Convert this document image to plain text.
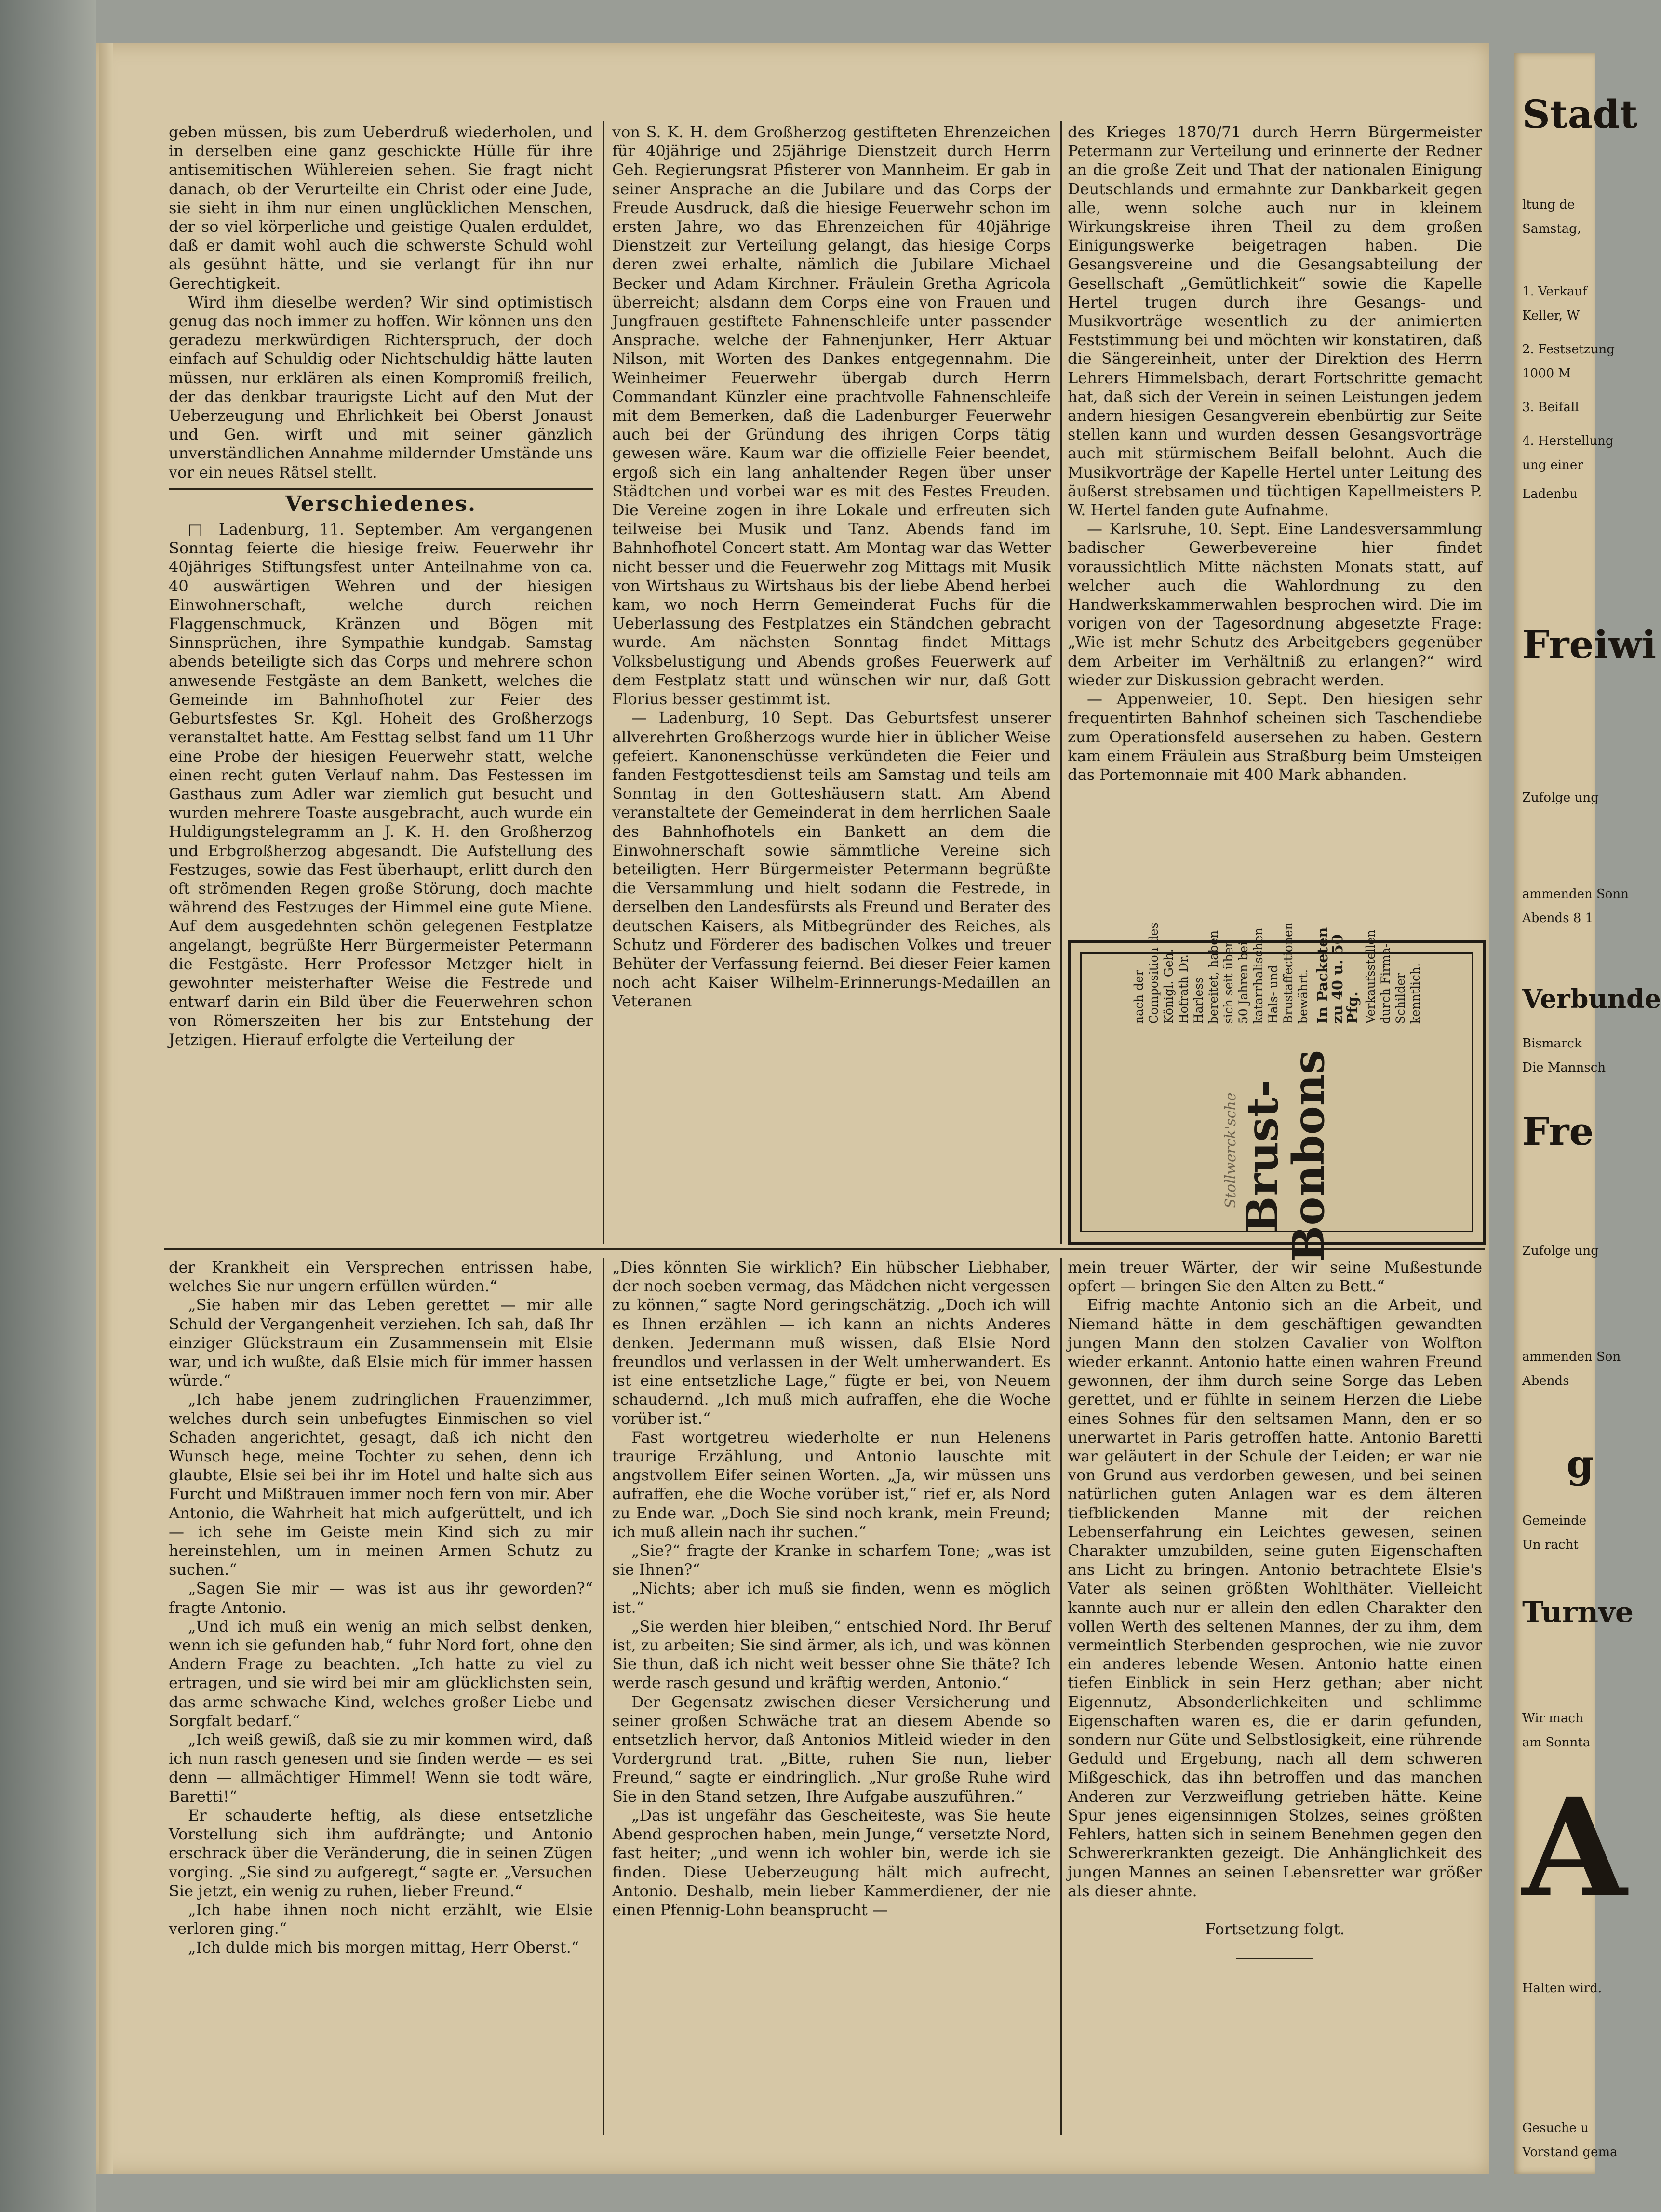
Stadt
ltung de
Samstag,
1. Verkauf
Keller, W
2. Festsetzung
1000 M
3. Beifall
4. Herstellung
ung einer
Ladenbu
Freiwi
Zufolge ung
ammenden Sonn
Abends 8 1
Verbunde
Bismarck
Die Mannsch
Fre
Zufolge ung
ammenden Son
Abends
g
Gemeinde
Un racht
Turnve
Wir mach
am Sonnta
A
Halten wird.
Gesuche u
Vorstand gema

geben müssen, bis zum Ueberdruß wiederholen, und in derselben eine ganz geschickte Hülle für ihre antisemitischen Wühlereien sehen. Sie fragt nicht danach, ob der Verurteilte ein Christ oder eine Jude, sie sieht in ihm nur einen unglücklichen Menschen, der so viel körperliche und geistige Qualen erduldet, daß er damit wohl auch die schwerste Schuld wohl als gesühnt hätte, und sie verlangt für ihn nur Gerechtigkeit.

Wird ihm dieselbe werden? Wir sind optimistisch genug das noch immer zu hoffen. Wir können uns den geradezu merkwürdigen Richterspruch, der doch einfach auf Schuldig oder Nichtschuldig hätte lauten müssen, nur erklären als einen Kompromiß freilich, der das denkbar traurigste Licht auf den Mut der Ueberzeugung und Ehrlichkeit bei Oberst Jonaust und Gen. wirft und mit seiner gänzlich unverständlichen Annahme mildernder Umstände uns vor ein neues Rätsel stellt.

Verschiedenes.

□ Ladenburg, 11. September. Am vergangenen Sonntag feierte die hiesige freiw. Feuerwehr ihr 40jähriges Stiftungsfest unter Anteilnahme von ca. 40 auswärtigen Wehren und der hiesigen Einwohnerschaft, welche durch reichen Flaggenschmuck, Kränzen und Bögen mit Sinnsprüchen, ihre Sympathie kundgab. Samstag abends beteiligte sich das Corps und mehrere schon anwesende Festgäste an dem Bankett, welches die Gemeinde im Bahnhofhotel zur Feier des Geburtsfestes Sr. Kgl. Hoheit des Großherzogs veranstaltet hatte. Am Festtag selbst fand um 11 Uhr eine Probe der hiesigen Feuerwehr statt, welche einen recht guten Verlauf nahm. Das Festessen im Gasthaus zum Adler war ziemlich gut besucht und wurden mehrere Toaste ausgebracht, auch wurde ein Huldigungstelegramm an J. K. H. den Großherzog und Erbgroßherzog abgesandt. Die Aufstellung des Festzuges, sowie das Fest überhaupt, erlitt durch den oft strömenden Regen große Störung, doch machte während des Festzuges der Himmel eine gute Miene. Auf dem ausgedehnten schön gelegenen Festplatze angelangt, begrüßte Herr Bürgermeister Petermann die Festgäste. Herr Professor Metzger hielt in gewohnter meisterhafter Weise die Festrede und entwarf darin ein Bild über die Feuerwehren schon von Römerszeiten her bis zur Entstehung der Jetzigen. Hierauf erfolgte die Verteilung der

von S. K. H. dem Großherzog gestifteten Ehrenzeichen für 40jährige und 25jährige Dienstzeit durch Herrn Geh. Regierungsrat Pfisterer von Mannheim. Er gab in seiner Ansprache an die Jubilare und das Corps der Freude Ausdruck, daß die hiesige Feuerwehr schon im ersten Jahre, wo das Ehrenzeichen für 40jährige Dienstzeit zur Verteilung gelangt, das hiesige Corps deren zwei erhalte, nämlich die Jubilare Michael Becker und Adam Kirchner. Fräulein Gretha Agricola überreicht; alsdann dem Corps eine von Frauen und Jungfrauen gestiftete Fahnenschleife unter passender Ansprache. welche der Fahnenjunker, Herr Aktuar Nilson, mit Worten des Dankes entgegennahm. Die Weinheimer Feuerwehr übergab durch Herrn Commandant Künzler eine prachtvolle Fahnenschleife mit dem Bemerken, daß die Ladenburger Feuerwehr auch bei der Gründung des ihrigen Corps tätig gewesen wäre. Kaum war die offizielle Feier beendet, ergoß sich ein lang anhaltender Regen über unser Städtchen und vorbei war es mit des Festes Freuden. Die Vereine zogen in ihre Lokale und erfreuten sich teilweise bei Musik und Tanz. Abends fand im Bahnhofhotel Concert statt. Am Montag war das Wetter nicht besser und die Feuerwehr zog Mittags mit Musik von Wirtshaus zu Wirtshaus bis der liebe Abend herbei kam, wo noch Herrn Gemeinderat Fuchs für die Ueberlassung des Festplatzes ein Ständchen gebracht wurde. Am nächsten Sonntag findet Mittags Volksbelustigung und Abends großes Feuerwerk auf dem Festplatz statt und wünschen wir nur, daß Gott Florius besser gestimmt ist.

— Ladenburg, 10 Sept. Das Geburtsfest unserer allverehrten Großherzogs wurde hier in üblicher Weise gefeiert. Kanonenschüsse verkündeten die Feier und fanden Festgottesdienst teils am Samstag und teils am Sonntag in den Gotteshäusern statt. Am Abend veranstaltete der Gemeinderat in dem herrlichen Saale des Bahnhofhotels ein Bankett an dem die Einwohnerschaft sowie sämmtliche Vereine sich beteiligten. Herr Bürgermeister Petermann begrüßte die Versammlung und hielt sodann die Festrede, in derselben den Landesfürsts als Freund und Berater des deutschen Kaisers, als Mitbegründer des Reiches, als Schutz und Förderer des badischen Volkes und treuer Behüter der Verfassung feiernd. Bei dieser Feier kamen noch acht Kaiser Wilhelm-Erinnerungs-Medaillen an Veteranen

des Krieges 1870/71 durch Herrn Bürgermeister Petermann zur Verteilung und erinnerte der Redner an die große Zeit und That der nationalen Einigung Deutschlands und ermahnte zur Dankbarkeit gegen alle, wenn solche auch nur in kleinem Wirkungskreise ihren Theil zu dem großen Einigungswerke beigetragen haben. Die Gesangsvereine und die Gesangsabteilung der Gesellschaft „Gemütlichkeit“ sowie die Kapelle Hertel trugen durch ihre Gesangs- und Musikvorträge wesentlich zu der animierten Feststimmung bei und möchten wir konstatiren, daß die Sängereinheit, unter der Direktion des Herrn Lehrers Himmelsbach, derart Fortschritte gemacht hat, daß sich der Verein in seinen Leistungen jedem andern hiesigen Gesangverein ebenbürtig zur Seite stellen kann und wurden dessen Gesangsvorträge auch mit stürmischem Beifall belohnt. Auch die Musikvorträge der Kapelle Hertel unter Leitung des äußerst strebsamen und tüchtigen Kapellmeisters P. W. Hertel fanden gute Aufnahme.

— Karlsruhe, 10. Sept. Eine Landesversammlung badischer Gewerbevereine hier findet voraussichtlich Mitte nächsten Monats statt, auf welcher auch die Wahlordnung zu den Handwerkskammerwahlen besprochen wird. Die im vorigen von der Tagesordnung abgesetzte Frage: „Wie ist mehr Schutz des Arbeitgebers gegenüber dem Arbeiter im Verhältniß zu erlangen?“ wird wieder zur Diskussion gebracht werden.

— Appenweier, 10. Sept. Den hiesigen sehr frequentirten Bahnhof scheinen sich Taschendiebe zum Operationsfeld ausersehen zu haben. Gestern kam einem Fräulein aus Straßburg beim Umsteigen das Portemonnaie mit 400 Mark abhanden.

Stollwerck'sche
Brust-
Bonbons
nach der Composition des Königl. Geh. Hofrath Dr. Harless bereitet, haben sich seit über 50 Jahren bei katarrhalischen Hals- und Brustaffectionen bewährt. In Packeten zu 40 u. 50 Pfg. Verkaufsstellen durch Firma-Schilder kenntlich.

der Krankheit ein Versprechen entrissen habe, welches Sie nur ungern erfüllen würden.“

„Sie haben mir das Leben gerettet — mir alle Schuld der Vergangenheit verziehen. Ich sah, daß Ihr einziger Glückstraum ein Zusammensein mit Elsie war, und ich wußte, daß Elsie mich für immer hassen würde.“

„Ich habe jenem zudringlichen Frauenzimmer, welches durch sein unbefugtes Einmischen so viel Schaden angerichtet, gesagt, daß ich nicht den Wunsch hege, meine Tochter zu sehen, denn ich glaubte, Elsie sei bei ihr im Hotel und halte sich aus Furcht und Mißtrauen immer noch fern von mir. Aber Antonio, die Wahrheit hat mich aufgerüttelt, und ich — ich sehe im Geiste mein Kind sich zu mir hereinstehlen, um in meinen Armen Schutz zu suchen.“

„Sagen Sie mir — was ist aus ihr geworden?“ fragte Antonio.

„Und ich muß ein wenig an mich selbst denken, wenn ich sie gefunden hab,“ fuhr Nord fort, ohne den Andern Frage zu beachten. „Ich hatte zu viel zu ertragen, und sie wird bei mir am glücklichsten sein, das arme schwache Kind, welches großer Liebe und Sorgfalt bedarf.“

„Ich weiß gewiß, daß sie zu mir kommen wird, daß ich nun rasch genesen und sie finden werde — es sei denn — allmächtiger Himmel! Wenn sie todt wäre, Baretti!“

Er schauderte heftig, als diese entsetzliche Vorstellung sich ihm aufdrängte; und Antonio erschrack über die Veränderung, die in seinen Zügen vorging. „Sie sind zu aufgeregt,“ sagte er. „Versuchen Sie jetzt, ein wenig zu ruhen, lieber Freund.“

„Ich habe ihnen noch nicht erzählt, wie Elsie verloren ging.“

„Ich dulde mich bis morgen mittag, Herr Oberst.“

„Dies könnten Sie wirklich? Ein hübscher Liebhaber, der noch soeben vermag, das Mädchen nicht vergessen zu können,“ sagte Nord geringschätzig. „Doch ich will es Ihnen erzählen — ich kann an nichts Anderes denken. Jedermann muß wissen, daß Elsie Nord freundlos und verlassen in der Welt umherwandert. Es ist eine entsetzliche Lage,“ fügte er bei, von Neuem schaudernd. „Ich muß mich aufraffen, ehe die Woche vorüber ist.“

Fast wortgetreu wiederholte er nun Helenens traurige Erzählung, und Antonio lauschte mit angstvollem Eifer seinen Worten. „Ja, wir müssen uns aufraffen, ehe die Woche vorüber ist,“ rief er, als Nord zu Ende war. „Doch Sie sind noch krank, mein Freund; ich muß allein nach ihr suchen.“

„Sie?“ fragte der Kranke in scharfem Tone; „was ist sie Ihnen?“

„Nichts; aber ich muß sie finden, wenn es möglich ist.“

„Sie werden hier bleiben,“ entschied Nord. Ihr Beruf ist, zu arbeiten; Sie sind ärmer, als ich, und was können Sie thun, daß ich nicht weit besser ohne Sie thäte? Ich werde rasch gesund und kräftig werden, Antonio.“

Der Gegensatz zwischen dieser Versicherung und seiner großen Schwäche trat an diesem Abende so entsetzlich hervor, daß Antonios Mitleid wieder in den Vordergrund trat. „Bitte, ruhen Sie nun, lieber Freund,“ sagte er eindringlich. „Nur große Ruhe wird Sie in den Stand setzen, Ihre Aufgabe auszuführen.“

„Das ist ungefähr das Gescheiteste, was Sie heute Abend gesprochen haben, mein Junge,“ versetzte Nord, fast heiter; „und wenn ich wohler bin, werde ich sie finden. Diese Ueberzeugung hält mich aufrecht, Antonio. Deshalb, mein lieber Kammerdiener, der nie einen Pfennig-Lohn beansprucht —

mein treuer Wärter, der wir seine Mußestunde opfert — bringen Sie den Alten zu Bett.“

Eifrig machte Antonio sich an die Arbeit, und Niemand hätte in dem geschäftigen gewandten jungen Mann den stolzen Cavalier von Wolfton wieder erkannt. Antonio hatte einen wahren Freund gewonnen, der ihm durch seine Sorge das Leben gerettet, und er fühlte in seinem Herzen die Liebe eines Sohnes für den seltsamen Mann, den er so unerwartet in Paris getroffen hatte. Antonio Baretti war geläutert in der Schule der Leiden; er war nie von Grund aus verdorben gewesen, und bei seinen natürlichen guten Anlagen war es dem älteren tiefblickenden Manne mit der reichen Lebenserfahrung ein Leichtes gewesen, seinen Charakter umzubilden, seine guten Eigenschaften ans Licht zu bringen. Antonio betrachtete Elsie's Vater als seinen größten Wohlthäter. Vielleicht kannte auch nur er allein den edlen Charakter den vollen Werth des seltenen Mannes, der zu ihm, dem vermeintlich Sterbenden gesprochen, wie nie zuvor ein anderes lebende Wesen. Antonio hatte einen tiefen Einblick in sein Herz gethan; aber nicht Eigennutz, Absonderlichkeiten und schlimme Eigenschaften waren es, die er darin gefunden, sondern nur Güte und Selbstlosigkeit, eine rührende Geduld und Ergebung, nach all dem schweren Mißgeschick, das ihn betroffen und das manchen Anderen zur Verzweiflung getrieben hätte. Keine Spur jenes eigensinnigen Stolzes, seines größten Fehlers, hatten sich in seinem Benehmen gegen den Schwererkrankten gezeigt. Die Anhänglichkeit des jungen Mannes an seinen Lebensretter war größer als dieser ahnte.

Fortsetzung folgt.
